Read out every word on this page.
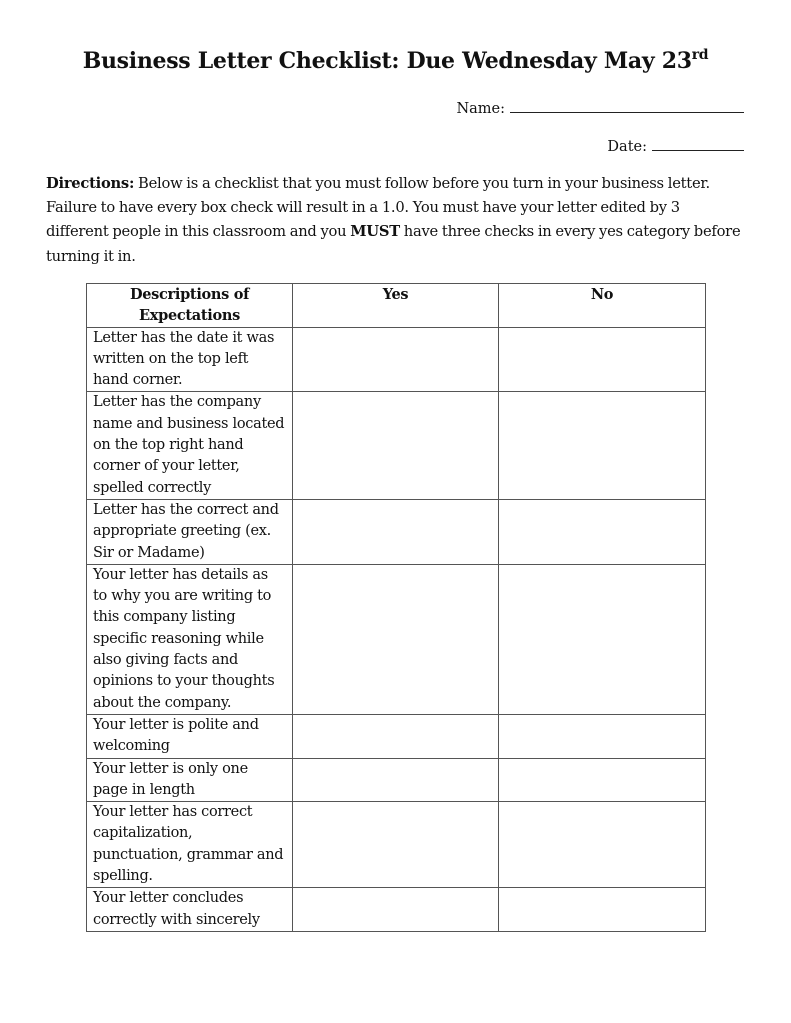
Business Letter Checklist: Due Wednesday May 23rd
Name:
Date:

Directions: Below is a checklist that you must follow before you turn in your business letter. Failure to have every box check will result in a 1.0. You must have your letter edited by 3 different people in this classroom and you MUST have three checks in every yes category before turning it in.

Descriptions of Expectations	Yes	No
Letter has the date it was written on the top left hand corner.		
Letter has the company name and business located on the top right hand corner of your letter, spelled correctly		
Letter has the correct and appropriate greeting (ex. Sir or Madame)		
Your letter has details as to why you are writing to this company listing specific reasoning while also giving facts and opinions to your thoughts about the company.		
Your letter is polite and welcoming		
Your letter is only one page in length		
Your letter has correct capitalization, punctuation, grammar and spelling.		
Your letter concludes correctly with sincerely		
